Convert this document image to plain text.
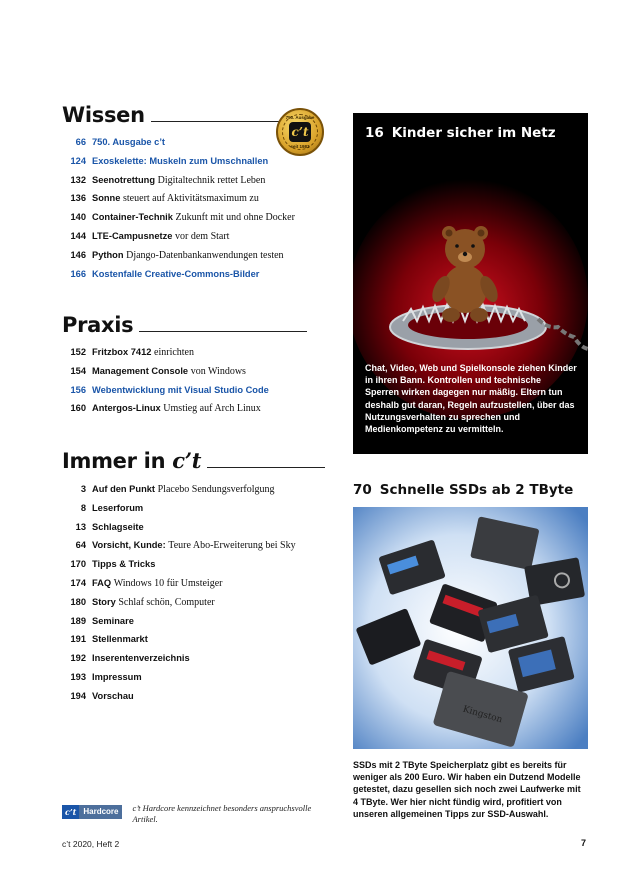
Wissen	750. Ausgabe
c’t
seit 1983
66 750. Ausgabe c’t
124 Exoskelette: Muskeln zum Umschnallen
132 Seenotrettung Digitaltechnik rettet Leben
136 Sonne steuert auf Aktivitätsmaximum zu
140 Container-Technik Zukunft mit und ohne Docker
144 LTE-Campusnetze vor dem Start
146 Python Django-Datenbankanwendungen testen
166 Kostenfalle Creative-Commons-Bilder
Praxis
152 Fritzbox 7412 einrichten
154 Management Console von Windows
156 Webentwicklung mit Visual Studio Code
160 Antergos-Linux Umstieg auf Arch Linux
Immer in c’t
3 Auf den Punkt Placebo Sendungsverfolgung
8 Leserforum
13 Schlagseite
64 Vorsicht, Kunde: Teure Abo-Erweiterung bei Sky
170 Tipps & Tricks
174 FAQ Windows 10 für Umsteiger
180 Story Schlaf schön, Computer
189 Seminare
191 Stellenmarkt
192 Inserentenverzeichnis
193 Impressum
194 Vorschau
16 Kinder sicher im Netz
Chat, Video, Web und Spielkonsole ziehen Kinder in ihren Bann. Kontrollen und technische Sperren wirken dagegen nur mäßig. Eltern tun deshalb gut daran, Regeln aufzustellen, über das Nutzungsverhalten zu sprechen und Medienkompetenz zu vermitteln.
70 Schnelle SSDs ab 2 TByte
Kingston
SSDs mit 2 TByte Speicherplatz gibt es bereits für weniger als 200 Euro. Wir haben ein Dutzend Modelle getestet, dazu gesellen sich noch zwei Laufwerke mit 4 TByte. Wer hier nicht fündig wird, profitiert von unseren allgemeinen Tipps zur SSD-Auswahl.
c’t Hardcore	c’t Hardcore kennzeichnet besonders anspruchsvolle Artikel.
c’t 2020, Heft 2	7
